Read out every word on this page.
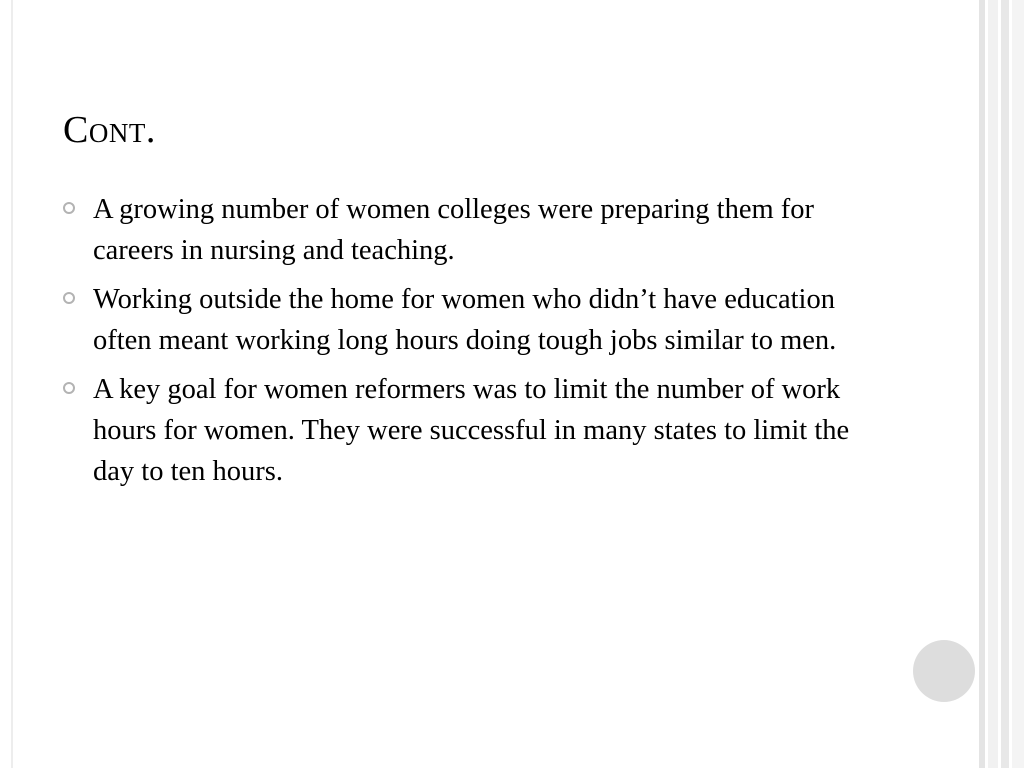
Cont.
A growing number of women colleges were preparing them for careers in nursing and teaching.
Working outside the home for women who didn’t have education often meant working long hours doing tough jobs similar to men.
A key goal for women reformers was to limit the number of work hours for women. They were successful in many states to limit the day to ten hours.
